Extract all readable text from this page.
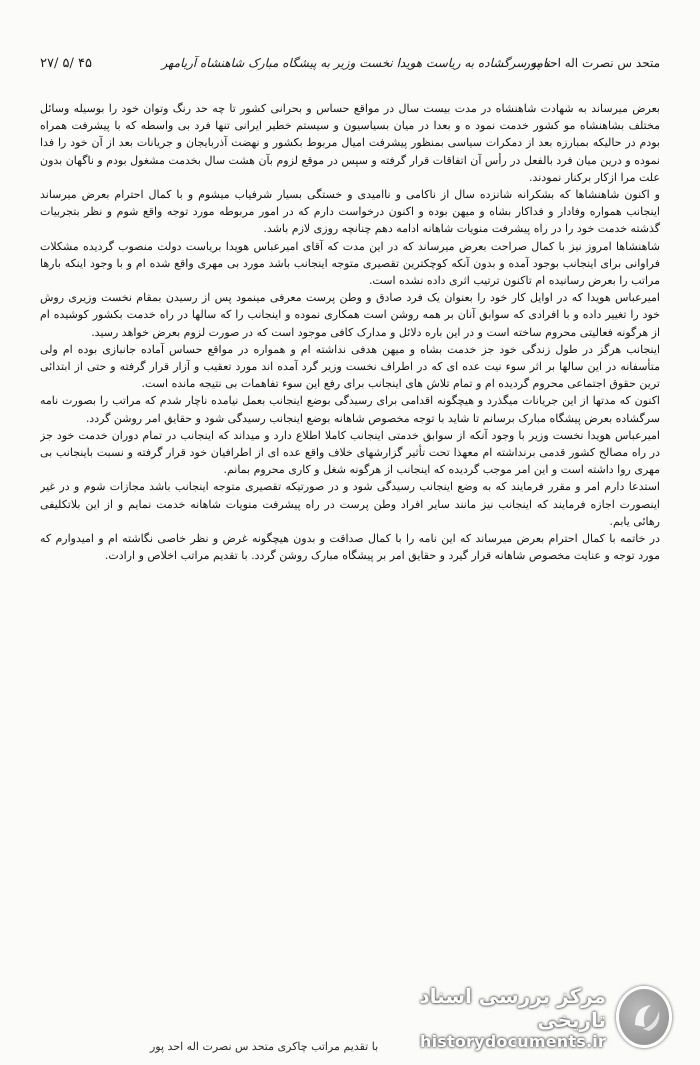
۲۷/ ۵/ ۴۵	متحد س نصرت اله احد پور
نامه سرگشاده به ریاست هویدا نخست وزیر به پیشگاه مبارک شاهنشاه آریامهر

بعرض میرساند به شهادت شاهنشاه در مدت بیست سال در مواقع حساس و بحرانی کشور تا چه حد رنگ وتوان خود را بوسیله وسائل مختلف بشاهنشاه مو کشور خدمت نمود ه و بعدا در میان بسیاسیون و سیستم خطیر ایرانی تنها فرد بی واسطه که با پیشرفت همراه بودم در حالیکه بمبارزه بعد از دمکرات سیاسی بمنظور پیشرفت امیال مربوط بکشور و نهضت آذربایجان و جریانات بعد از آن خود را فدا نموده و درین میان فرد بالفعل در رأس آن اتفاقات قرار گرفته و سپس در موقع لزوم بآن هشت سال بخدمت مشغول بودم و ناگهان بدون علت مرا ازکار برکنار نمودند.

و اکنون شاهنشاها که بشکرانه شانزده سال از ناکامی و ناامیدی و خستگی بسیار شرفیاب میشوم و با کمال احترام بعرض میرساند اینجانب همواره وفادار و فداکار بشاه و میهن بوده و اکنون درخواست دارم که در امور مربوطه مورد توجه واقع شوم و نظر بتجربیات گذشته خدمت خود را در راه پیشرفت منویات شاهانه ادامه دهم چنانچه روزی لازم باشد.

شاهنشاها امروز نیز با کمال صراحت بعرض میرساند که در این مدت که آقای امیرعباس هویدا بریاست دولت منصوب گردیده مشکلات فراوانی برای اینجانب بوجود آمده و بدون آنکه کوچکترین تقصیری متوجه اینجانب باشد مورد بی مهری واقع شده ام و با وجود اینکه بارها مراتب را بعرض رسانیده ام تاکنون ترتیب اثری داده نشده است.

امیرعباس هویدا که در اوایل کار خود را بعنوان یک فرد صادق و وطن پرست معرفی مینمود پس از رسیدن بمقام نخست وزیری روش خود را تغییر داده و با افرادی که سوابق آنان بر همه روشن است همکاری نموده و اینجانب را که سالها در راه خدمت بکشور کوشیده ام از هرگونه فعالیتی محروم ساخته است و در این باره دلائل و مدارک کافی موجود است که در صورت لزوم بعرض خواهد رسید.

اینجانب هرگز در طول زندگی خود جز خدمت بشاه و میهن هدفی نداشته ام و همواره در مواقع حساس آماده جانبازی بوده ام ولی متأسفانه در این سالها بر اثر سوء نیت عده ای که در اطراف نخست وزیر گرد آمده اند مورد تعقیب و آزار قرار گرفته و حتی از ابتدائی ترین حقوق اجتماعی محروم گردیده ام و تمام تلاش های اینجانب برای رفع این سوء تفاهمات بی نتیجه مانده است.

اکنون که مدتها از این جریانات میگذرد و هیچگونه اقدامی برای رسیدگی بوضع اینجانب بعمل نیامده ناچار شدم که مراتب را بصورت نامه سرگشاده بعرض پیشگاه مبارک برسانم تا شاید با توجه مخصوص شاهانه بوضع اینجانب رسیدگی شود و حقایق امر روشن گردد.

امیرعباس هویدا نخست وزیر با وجود آنکه از سوابق خدمتی اینجانب کاملا اطلاع دارد و میداند که اینجانب در تمام دوران خدمت خود جز در راه مصالح کشور قدمی برنداشته ام معهذا تحت تأثیر گزارشهای خلاف واقع عده ای از اطرافیان خود قرار گرفته و نسبت باینجانب بی مهری روا داشته است و این امر موجب گردیده که اینجانب از هرگونه شغل و کاری محروم بمانم.

استدعا دارم امر و مقرر فرمایند که به وضع اینجانب رسیدگی شود و در صورتیکه تقصیری متوجه اینجانب باشد مجازات شوم و در غیر اینصورت اجازه فرمایند که اینجانب نیز مانند سایر افراد وطن پرست در راه پیشرفت منویات شاهانه خدمت نمایم و از این بلاتکلیفی رهائی یابم.

در خاتمه با کمال احترام بعرض میرساند که این نامه را با کمال صداقت و بدون هیچگونه غرض و نظر خاصی نگاشته ام و امیدوارم که مورد توجه و عنایت مخصوص شاهانه قرار گیرد و حقایق امر بر پیشگاه مبارک روشن گردد. با تقدیم مراتب اخلاص و ارادت.

با تقدیم مراتب چاکری متحد س نصرت اله احد پور
مرکز بررسی اسناد تاریخی
historydocuments.ir
